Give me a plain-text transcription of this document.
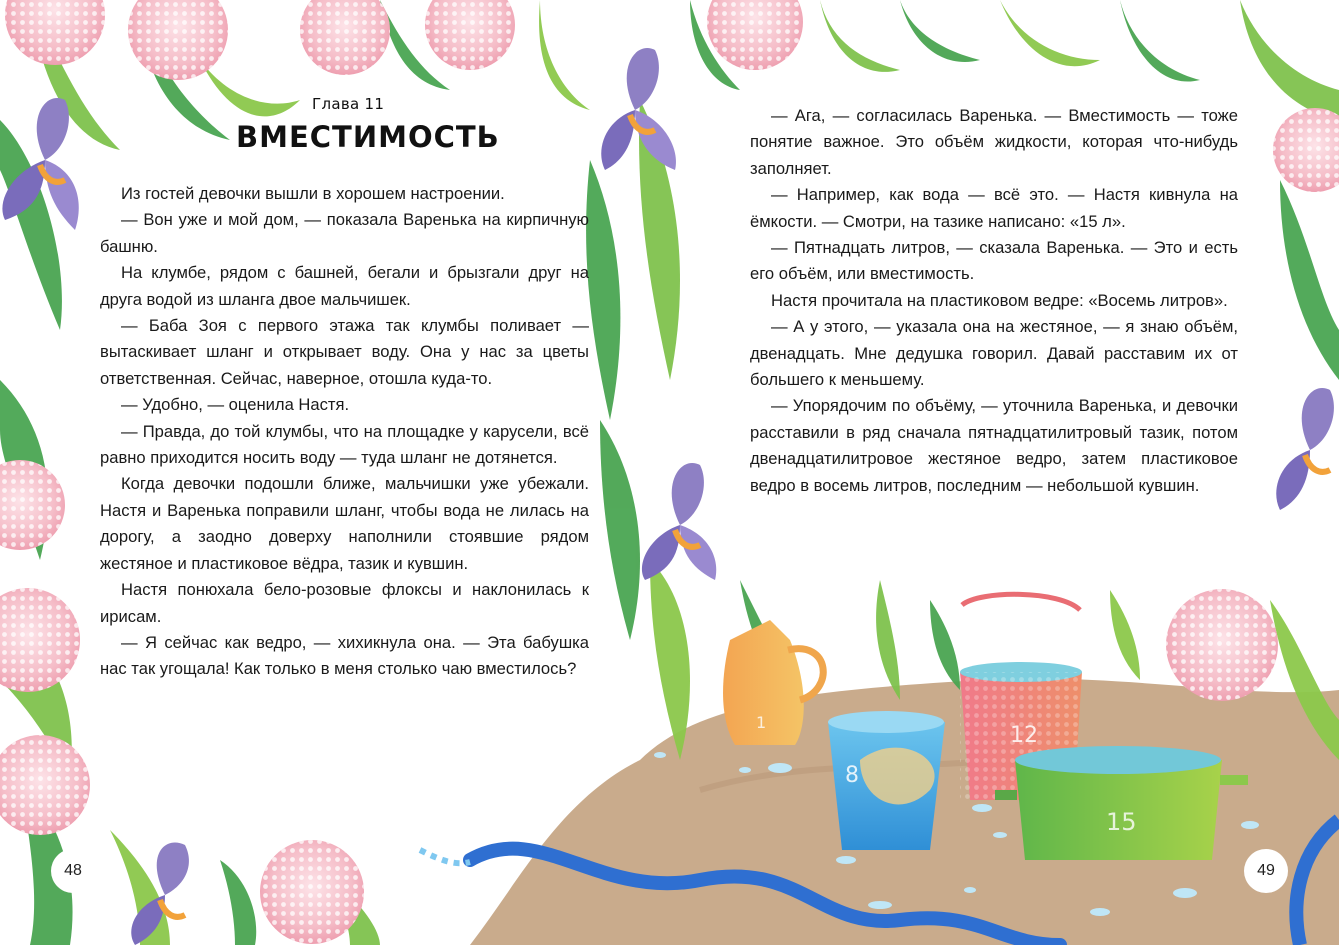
1
12
8
15
Глава 11
ВМЕСТИМОСТЬ

Из гостей девочки вышли в хорошем настроении.

— Вон уже и мой дом, — показала Варенька на кирпичную башню.

На клумбе, рядом с башней, бегали и брызгали друг на друга водой из шланга двое мальчишек.

— Баба Зоя с первого этажа так клумбы поливает — вытаскивает шланг и открывает воду. Она у нас за цветы ответственная. Сейчас, наверное, отошла куда-то.

— Удобно, — оценила Настя.

— Правда, до той клумбы, что на площадке у карусели, всё равно приходится носить воду — туда шланг не дотянется.

Когда девочки подошли ближе, мальчишки уже убежали. Настя и Варенька поправили шланг, чтобы вода не лилась на дорогу, а заодно доверху наполнили стоявшие рядом жестяное и пластиковое вёдра, тазик и кувшин.

Настя понюхала бело-розовые флоксы и наклонилась к ирисам.

— Я сейчас как ведро, — хихикнула она. — Эта бабушка нас так угощала! Как только в меня столько чаю вместилось?

— Ага, — согласилась Варенька. — Вместимость — тоже понятие важное. Это объём жидкости, которая что-нибудь заполняет.

— Например, как вода — всё это. — Настя кивнула на ёмкости. — Смотри, на тазике написано: «15 л».

— Пятнадцать литров, — сказала Варенька. — Это и есть его объём, или вместимость.

Настя прочитала на пластиковом ведре: «Восемь литров».

— А у этого, — указала она на жестяное, — я знаю объём, двенадцать. Мне дедушка говорил. Давай расставим их от большего к меньшему.

— Упорядочим по объёму, — уточнила Варенька, и девочки расставили в ряд сначала пятнадцатилитровый тазик, потом двенадцатилитровое жестяное ведро, затем пластиковое ведро в восемь литров, последним — небольшой кувшин.

48	49
